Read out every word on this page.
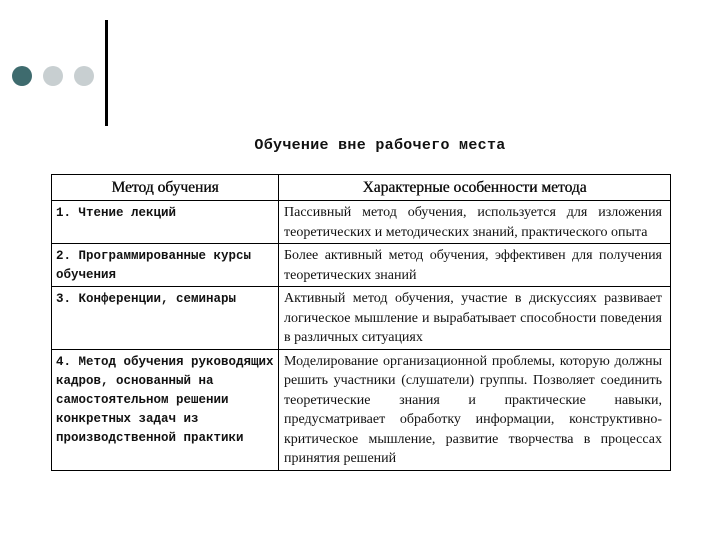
Обучение вне рабочего места
Метод обучения	Характерные особенности метода
1. Чтение лекций	Пассивный метод обучения, используется для изложения теоретических и методических знаний, практического опыта
2. Программированные курсы обучения	Более активный метод обучения, эффективен для получения теоретических знаний
3. Конференции, семинары	Активный метод обучения, участие в дискуссиях развивает логическое мышление и вырабатывает способности поведения в различных ситуациях
4. Метод обучения руководящих кадров, основанный на самостоятельном решении конкретных задач из производственной практики	Моделирование организационной проблемы, которую должны решить участники (слушатели) группы. Позволяет соединить теоретические знания и практические навыки, предусматривает обработку информации, конструктивно-критическое мышление, развитие творчества в процессах принятия решений
